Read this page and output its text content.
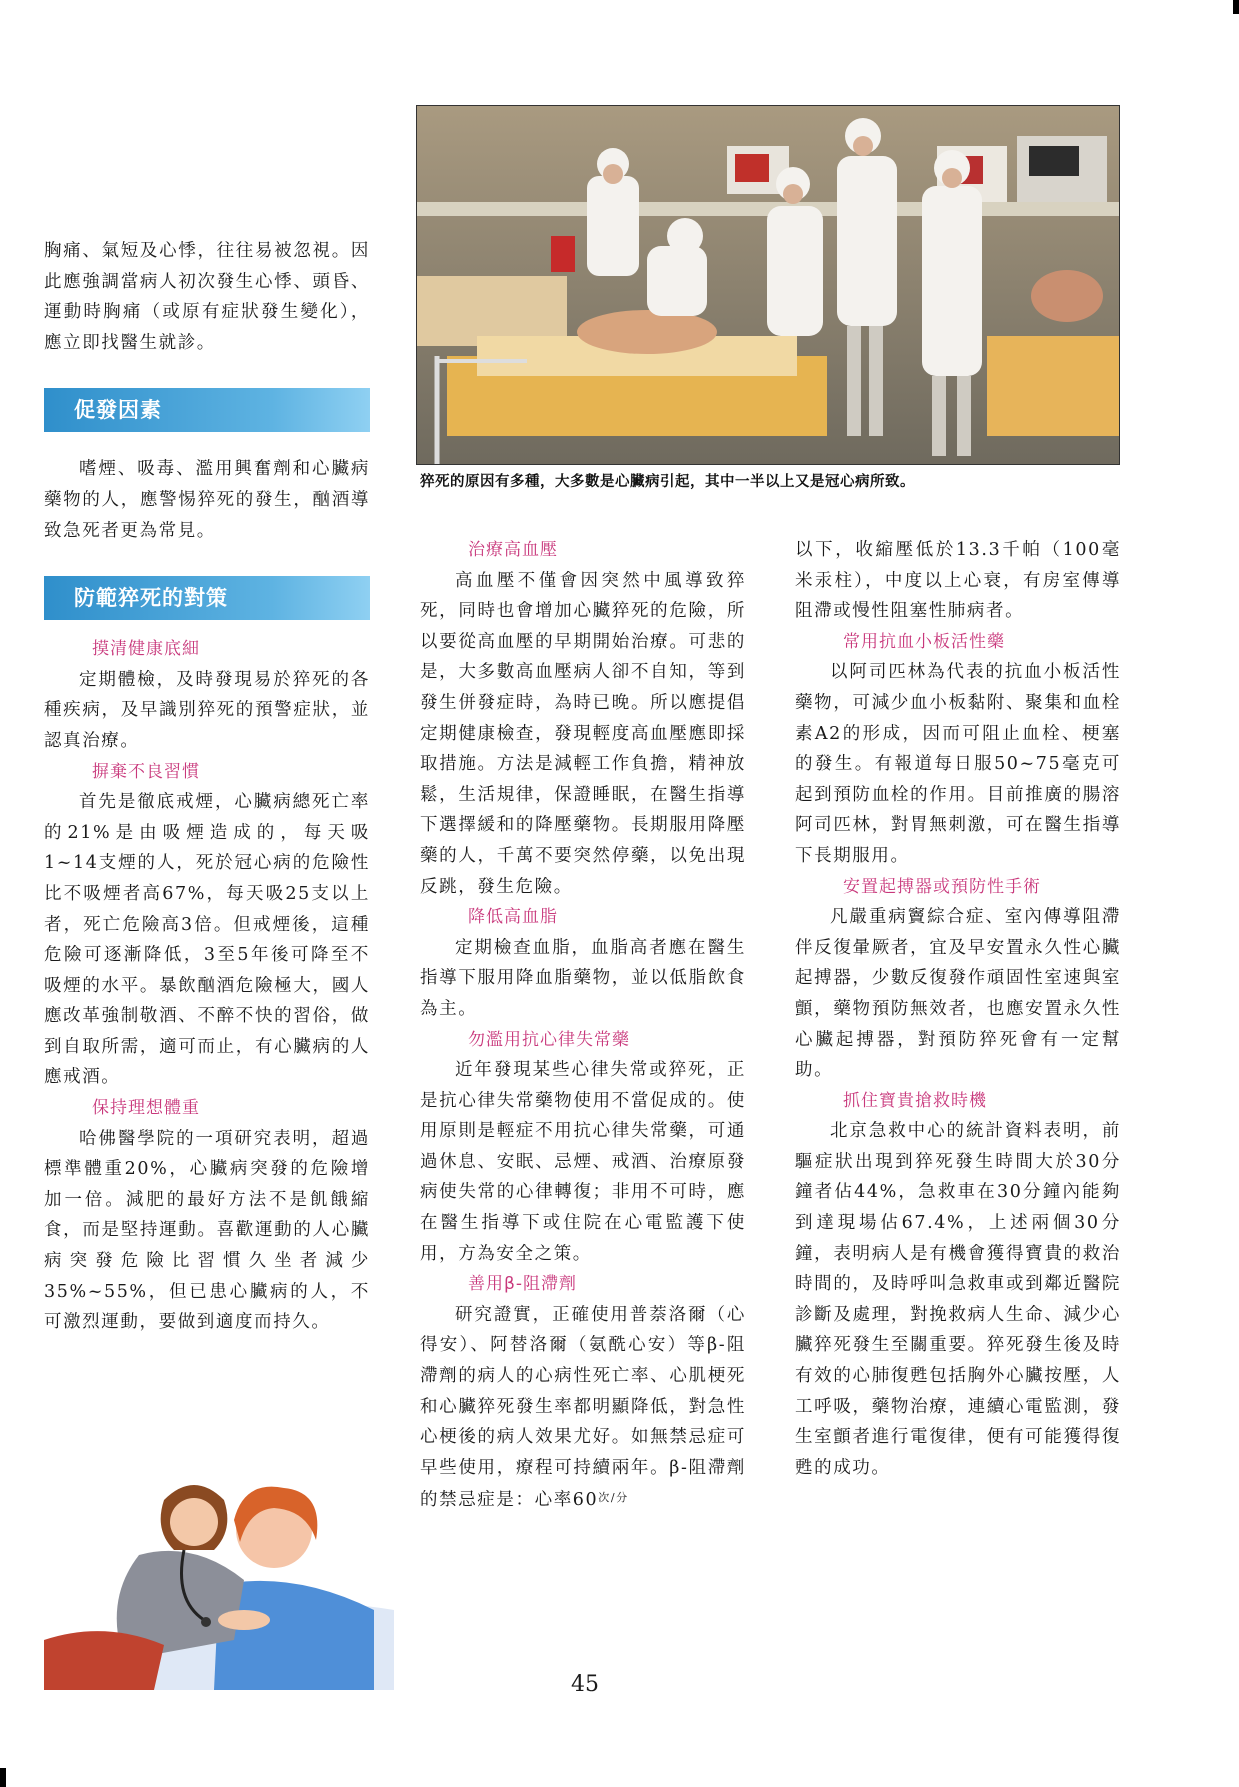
胸痛、氣短及心悸，往往易被忽視。因此應強調當病人初次發生心悸、頭昏、運動時胸痛（或原有症狀發生變化），應立即找醫生就診。

促發因素

嗜煙、吸毒、濫用興奮劑和心臟病藥物的人，應警惕猝死的發生，酗酒導致急死者更為常見。

防範猝死的對策
摸清健康底細

定期體檢，及時發現易於猝死的各種疾病，及早識別猝死的預警症狀，並認真治療。

摒棄不良習慣

首先是徹底戒煙，心臟病總死亡率的21%是由吸煙造成的，每天吸1~14支煙的人，死於冠心病的危險性比不吸煙者高67%，每天吸25支以上者，死亡危險高3倍。但戒煙後，這種危險可逐漸降低，3至5年後可降至不吸煙的水平。暴飲酗酒危險極大，國人應改革強制敬酒、不醉不快的習俗，做到自取所需，適可而止，有心臟病的人應戒酒。

保持理想體重

哈佛醫學院的一項研究表明，超過標準體重20%，心臟病突發的危險增加一倍。減肥的最好方法不是飢餓縮食，而是堅持運動。喜歡運動的人心臟病突發危險比習慣久坐者減少35%~55%，但已患心臟病的人，不可激烈運動，要做到適度而持久。

猝死的原因有多種，大多數是心臟病引起，其中一半以上又是冠心病所致。
治療高血壓

高血壓不僅會因突然中風導致猝死，同時也會增加心臟猝死的危險，所以要從高血壓的早期開始治療。可悲的是，大多數高血壓病人卻不自知，等到發生併發症時，為時已晚。所以應提倡定期健康檢查，發現輕度高血壓應即採取措施。方法是減輕工作負擔，精神放鬆，生活規律，保證睡眠，在醫生指導下選擇緩和的降壓藥物。長期服用降壓藥的人，千萬不要突然停藥，以免出現反跳，發生危險。

降低高血脂

定期檢查血脂，血脂高者應在醫生指導下服用降血脂藥物，並以低脂飲食為主。

勿濫用抗心律失常藥

近年發現某些心律失常或猝死，正是抗心律失常藥物使用不當促成的。使用原則是輕症不用抗心律失常藥，可通過休息、安眠、忌煙、戒酒、治療原發病使失常的心律轉復；非用不可時，應在醫生指導下或住院在心電監護下使用，方為安全之策。

善用β-阻滯劑

研究證實，正確使用普萘洛爾（心得安）、阿替洛爾（氨酰心安）等β-阻滯劑的病人的心病性死亡率、心肌梗死和心臟猝死發生率都明顯降低，對急性心梗後的病人效果尤好。如無禁忌症可早些使用，療程可持續兩年。β-阻滯劑的禁忌症是：心率$60^{次/分}$

以下，收縮壓低於13.3千帕（100毫米汞柱），中度以上心衰，有房室傳導阻滯或慢性阻塞性肺病者。

常用抗血小板活性藥

以阿司匹林為代表的抗血小板活性藥物，可減少血小板黏附、聚集和血栓素A2的形成，因而可阻止血栓、梗塞的發生。有報道每日服50~75毫克可起到預防血栓的作用。目前推廣的腸溶阿司匹林，對胃無刺激，可在醫生指導下長期服用。

安置起搏器或預防性手術

凡嚴重病竇綜合症、室內傳導阻滯伴反復暈厥者，宜及早安置永久性心臟起搏器，少數反復發作頑固性室速與室顫，藥物預防無效者，也應安置永久性心臟起搏器，對預防猝死會有一定幫助。

抓住寶貴搶救時機

北京急救中心的統計資料表明，前驅症狀出現到猝死發生時間大於30分鐘者佔44%，急救車在30分鐘內能夠到達現場佔67.4%，上述兩個30分鐘，表明病人是有機會獲得寶貴的救治時間的，及時呼叫急救車或到鄰近醫院診斷及處理，對挽救病人生命、減少心臟猝死發生至關重要。猝死發生後及時有效的心肺復甦包括胸外心臟按壓，人工呼吸，藥物治療，連續心電監測，發生室顫者進行電復律，便有可能獲得復甦的成功。

45
